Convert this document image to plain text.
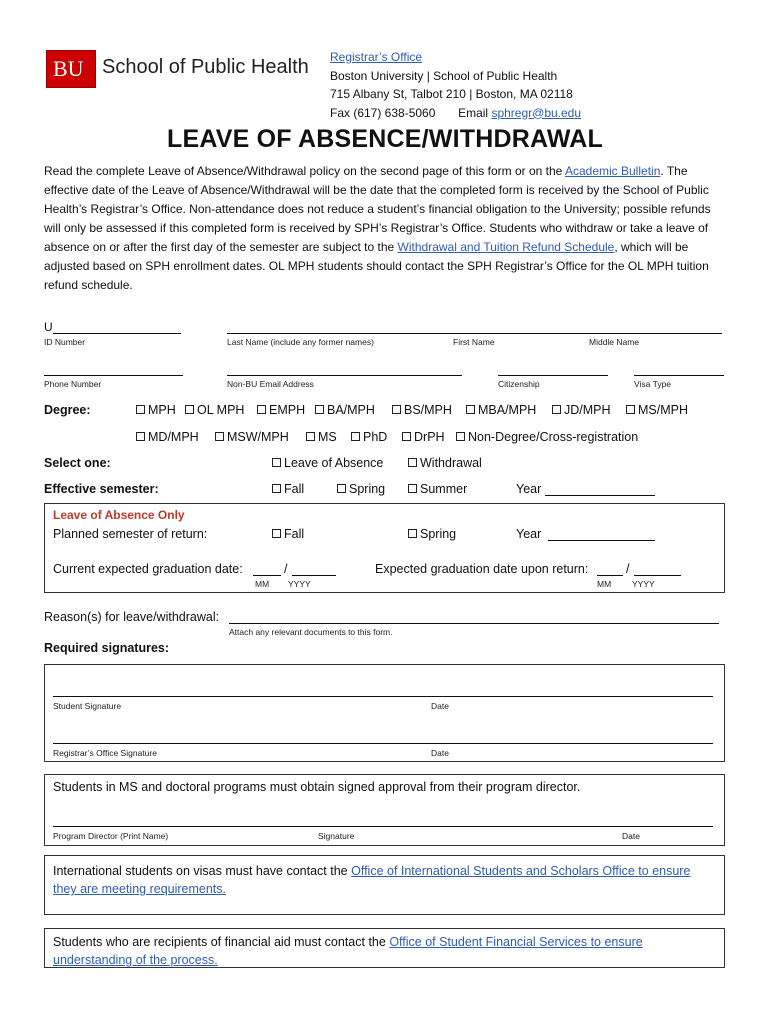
BU School of Public Health Registrar’s Office
Boston University | School of Public Health
715 Albany St, Talbot 210 | Boston, MA 02118
Fax (617) 638-5060 Email sphregr@bu.edu
LEAVE OF ABSENCE/WITHDRAWAL
Read the complete Leave of Absence/Withdrawal policy on the second page of this form or on the Academic Bulletin. The effective date of the Leave of Absence/Withdrawal will be the date that the completed form is received by the School of Public Health’s Registrar’s Office. Non-attendance does not reduce a student’s financial obligation to the University; possible refunds will only be assessed if this completed form is received by SPH’s Registrar’s Office. Students who withdraw or take a leave of absence on or after the first day of the semester are subject to the Withdrawal and Tuition Refund Schedule, which will be adjusted based on SPH enrollment dates. OL MPH students should contact the SPH Registrar’s Office for the OL MPH tuition refund schedule.
U
ID Number	Last Name (include any former names)	First Name	Middle Name
Phone Number	Non-BU Email Address	Citizenship	Visa Type
Degree:	MPH	OL MPH	EMPH	BA/MPH	BS/MPH	MBA/MPH	JD/MPH	MS/MPH
MD/MPH	MSW/MPH	MS	PhD	DrPH	Non-Degree/Cross-registration
Select one:	Leave of Absence	Withdrawal
Effective semester:	Fall	Spring	Summer	Year
Leave of Absence Only
Planned semester of return:	Fall	Spring	Year
Current expected graduation date:	/
MM YYYY
Expected graduation date upon return:	/
MM YYYY
Reason(s) for leave/withdrawal:
Attach any relevant documents to this form.
Required signatures:
Student Signature	Date
Registrar’s Office Signature	Date
Students in MS and doctoral programs must obtain signed approval from their program director.
Program Director (Print Name)	Signature	Date
International students on visas must have contact the Office of International Students and Scholars Office to ensure they are meeting requirements.
Students who are recipients of financial aid must contact the Office of Student Financial Services to ensure understanding of the process.
